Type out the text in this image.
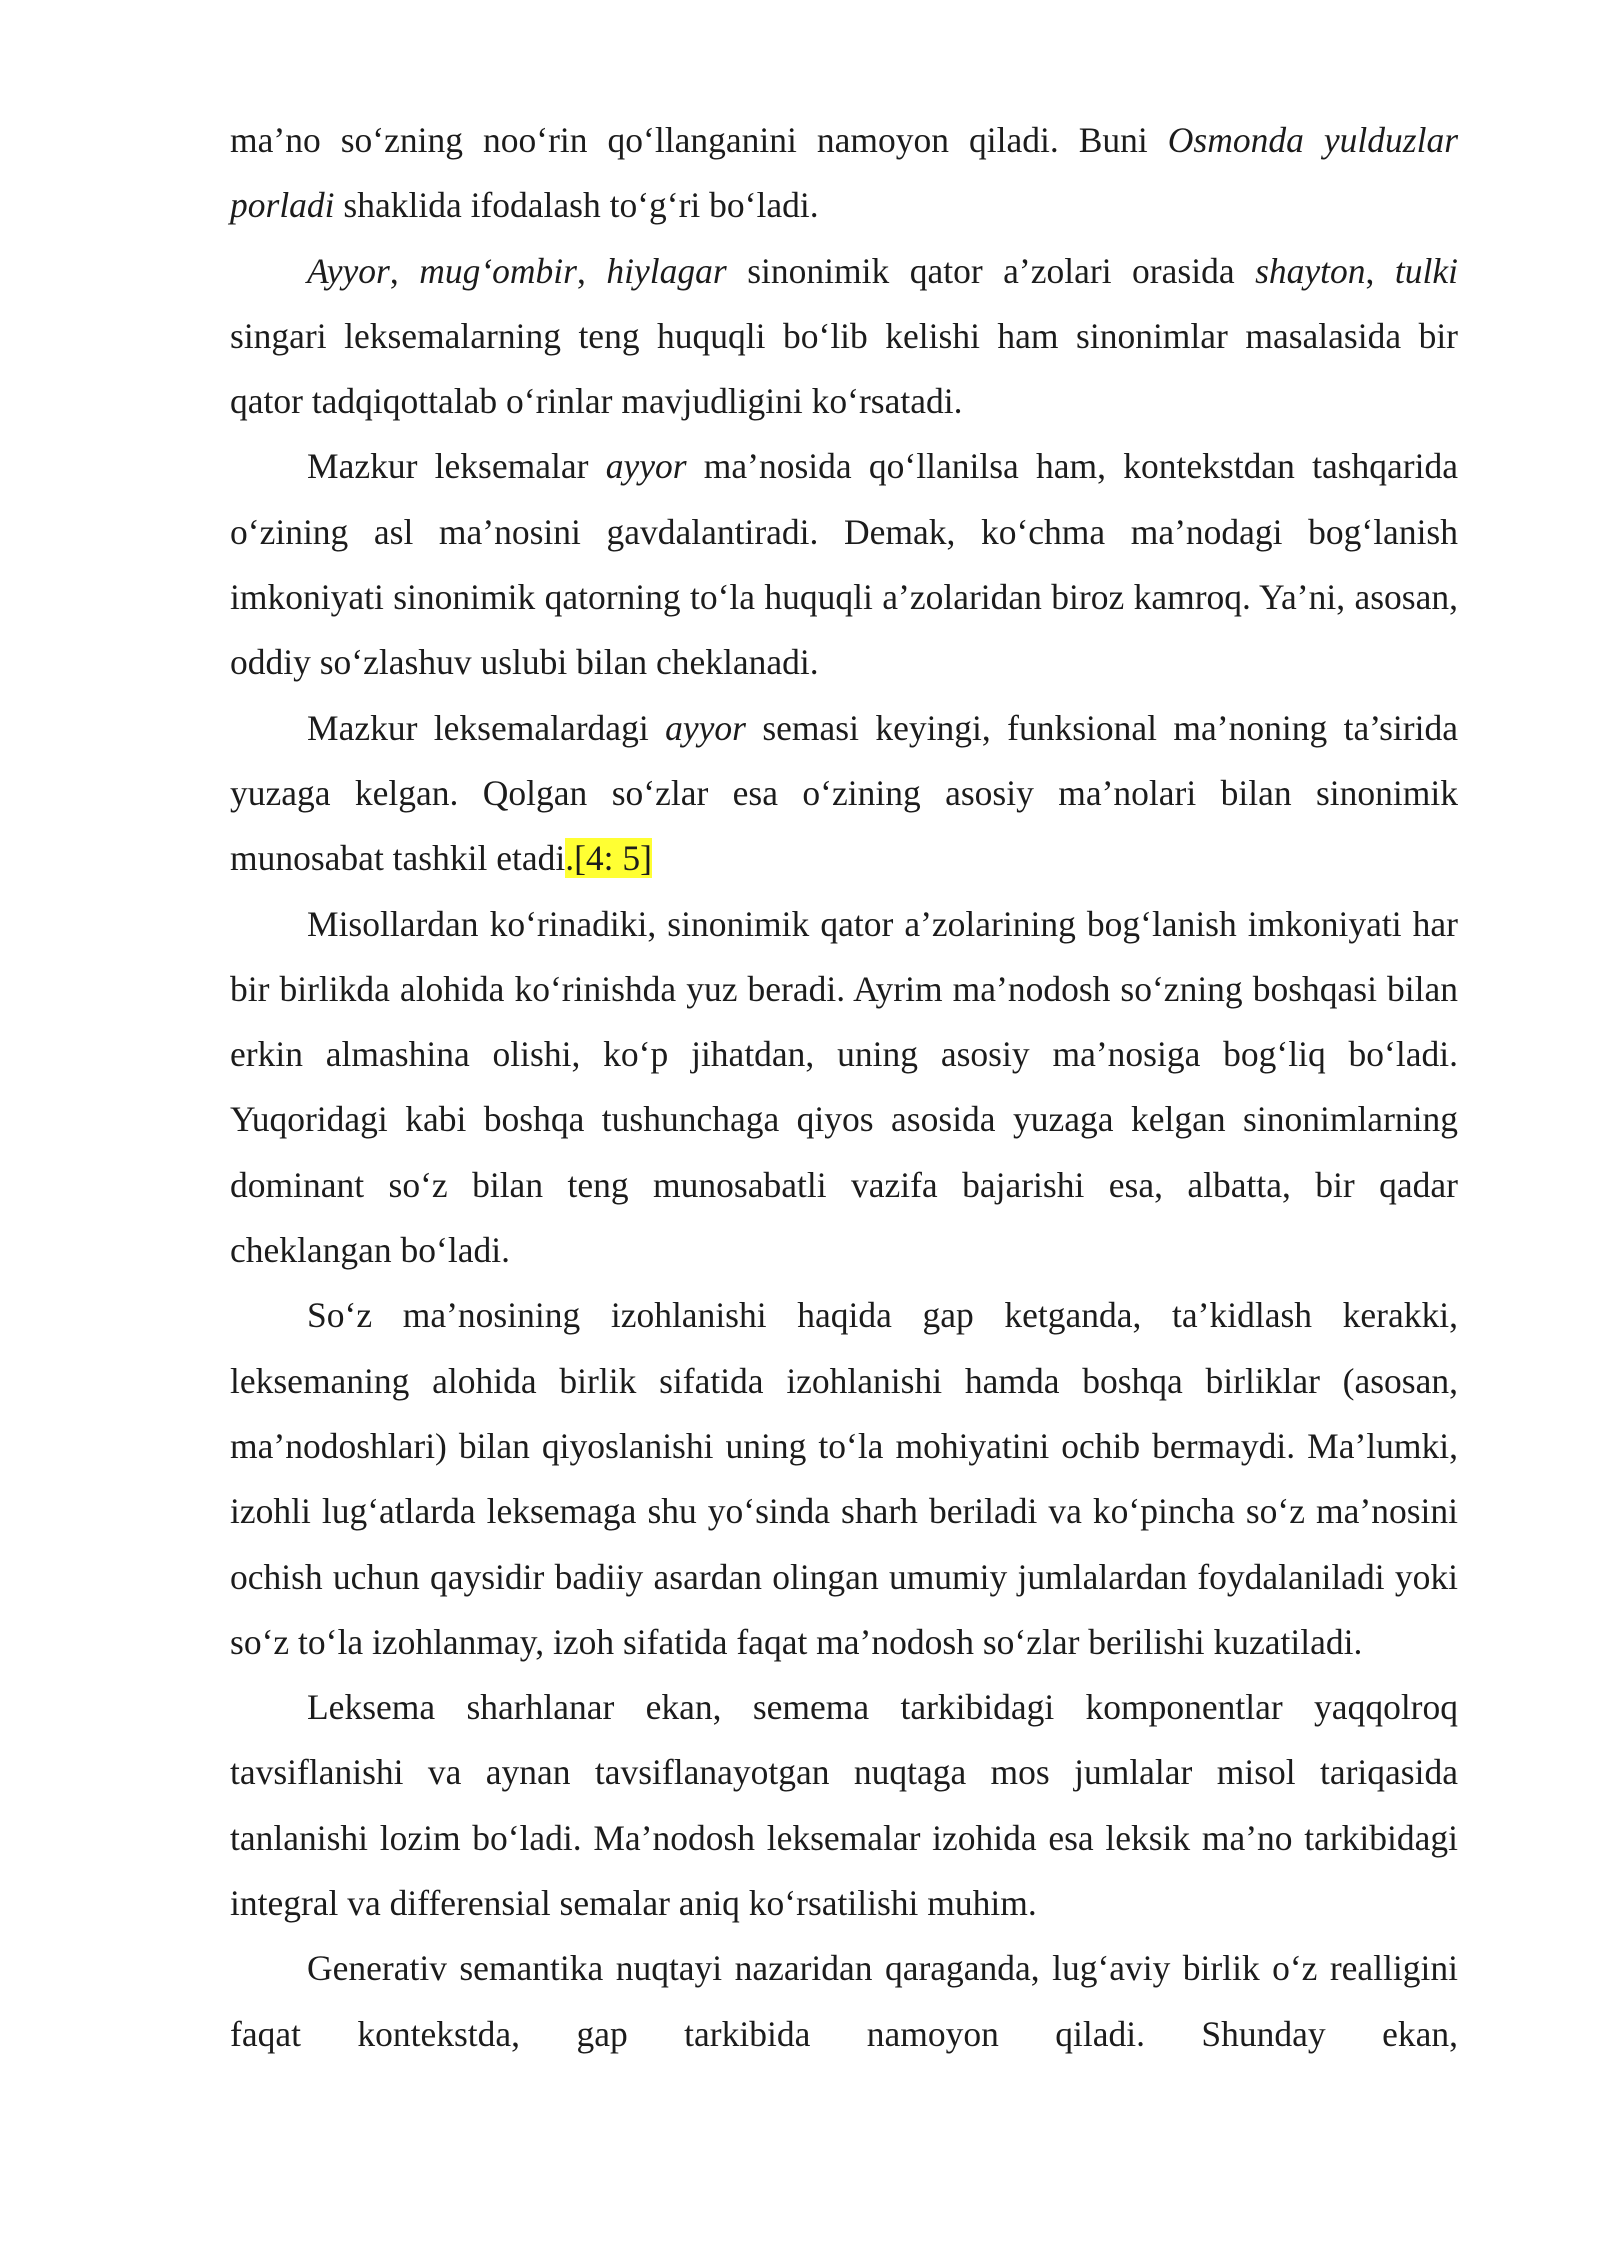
ma’no so‘zning noo‘rin qo‘llanganini namoyon qiladi. Buni Osmonda yulduzlar porladi shaklida ifodalash to‘g‘ri bo‘ladi.

Ayyor, mug‘ombir, hiylagar sinonimik qator a’zolari orasida shayton, tulki singari leksemalarning teng huquqli bo‘lib kelishi ham sinonimlar masalasida bir qator tadqiqottalab o‘rinlar mavjudligini ko‘rsatadi.

Mazkur leksemalar ayyor ma’nosida qo‘llanilsa ham, kontekstdan tashqarida o‘zining asl ma’nosini gavdalantiradi. Demak, ko‘chma ma’nodagi bog‘lanish imkoniyati sinonimik qatorning to‘la huquqli a’zolaridan biroz kamroq. Ya’ni, asosan, oddiy so‘zlashuv uslubi bilan cheklanadi.

Mazkur leksemalardagi ayyor semasi keyingi, funksional ma’noning ta’sirida yuzaga kelgan. Qolgan so‘zlar esa o‘zining asosiy ma’nolari bilan sinonimik munosabat tashkil etadi.[4: 5]

Misollardan ko‘rinadiki, sinonimik qator a’zolarining bog‘lanish imkoniyati har bir birlikda alohida ko‘rinishda yuz beradi. Ayrim ma’nodosh so‘zning boshqasi bilan erkin almashina olishi, ko‘p jihatdan, uning asosiy ma’nosiga bog‘liq bo‘ladi. Yuqoridagi kabi boshqa tushunchaga qiyos asosida yuzaga kelgan sinonimlarning dominant so‘z bilan teng munosabatli vazifa bajarishi esa, albatta, bir qadar cheklangan bo‘ladi.

So‘z ma’nosining izohlanishi haqida gap ketganda, ta’kidlash kerakki, leksemaning alohida birlik sifatida izohlanishi hamda boshqa birliklar (asosan, ma’nodoshlari) bilan qiyoslanishi uning to‘la mohiyatini ochib bermaydi. Ma’lumki, izohli lug‘atlarda leksemaga shu yo‘sinda sharh beriladi va ko‘pincha so‘z ma’nosini ochish uchun qaysidir badiiy asardan olingan umumiy jumlalardan foydalaniladi yoki so‘z to‘la izohlanmay, izoh sifatida faqat ma’nodosh so‘zlar berilishi kuzatiladi.

Leksema sharhlanar ekan, semema tarkibidagi komponentlar yaqqolroq tavsiflanishi va aynan tavsiflanayotgan nuqtaga mos jumlalar misol tariqasida tanlanishi lozim bo‘ladi. Ma’nodosh leksemalar izohida esa leksik ma’no tarkibidagi integral va differensial semalar aniq ko‘rsatilishi muhim.

Generativ semantika nuqtayi nazaridan qaraganda, lug‘aviy birlik o‘z realligini faqat kontekstda, gap tarkibida namoyon qiladi. Shunday ekan,
